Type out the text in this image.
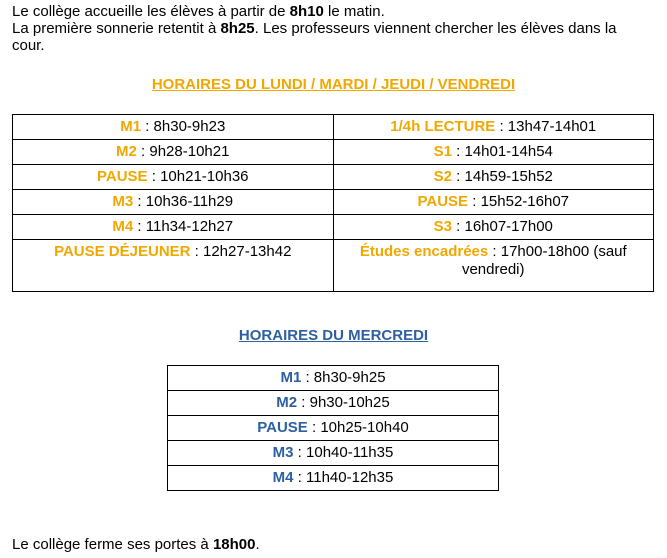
Le collège accueille les élèves à partir de 8h10 le matin.

La première sonnerie retentit à 8h25. Les professeurs viennent chercher les élèves dans la cour.

HORAIRES DU LUNDI / MARDI / JEUDI / VENDREDI
M1 : 8h30-9h23	1/4h LECTURE : 13h47-14h01
M2 : 9h28-10h21	S1 : 14h01-14h54
PAUSE : 10h21-10h36	S2 : 14h59-15h52
M3 : 10h36-11h29	PAUSE : 15h52-16h07
M4 : 11h34-12h27	S3 : 16h07-17h00
PAUSE DÉJEUNER : 12h27-13h42	Études encadrées : 17h00-18h00 (sauf vendredi)
HORAIRES DU MERCREDI
M1 : 8h30-9h25
M2 : 9h30-10h25
PAUSE : 10h25-10h40
M3 : 10h40-11h35
M4 : 11h40-12h35

Le collège ferme ses portes à 18h00.
